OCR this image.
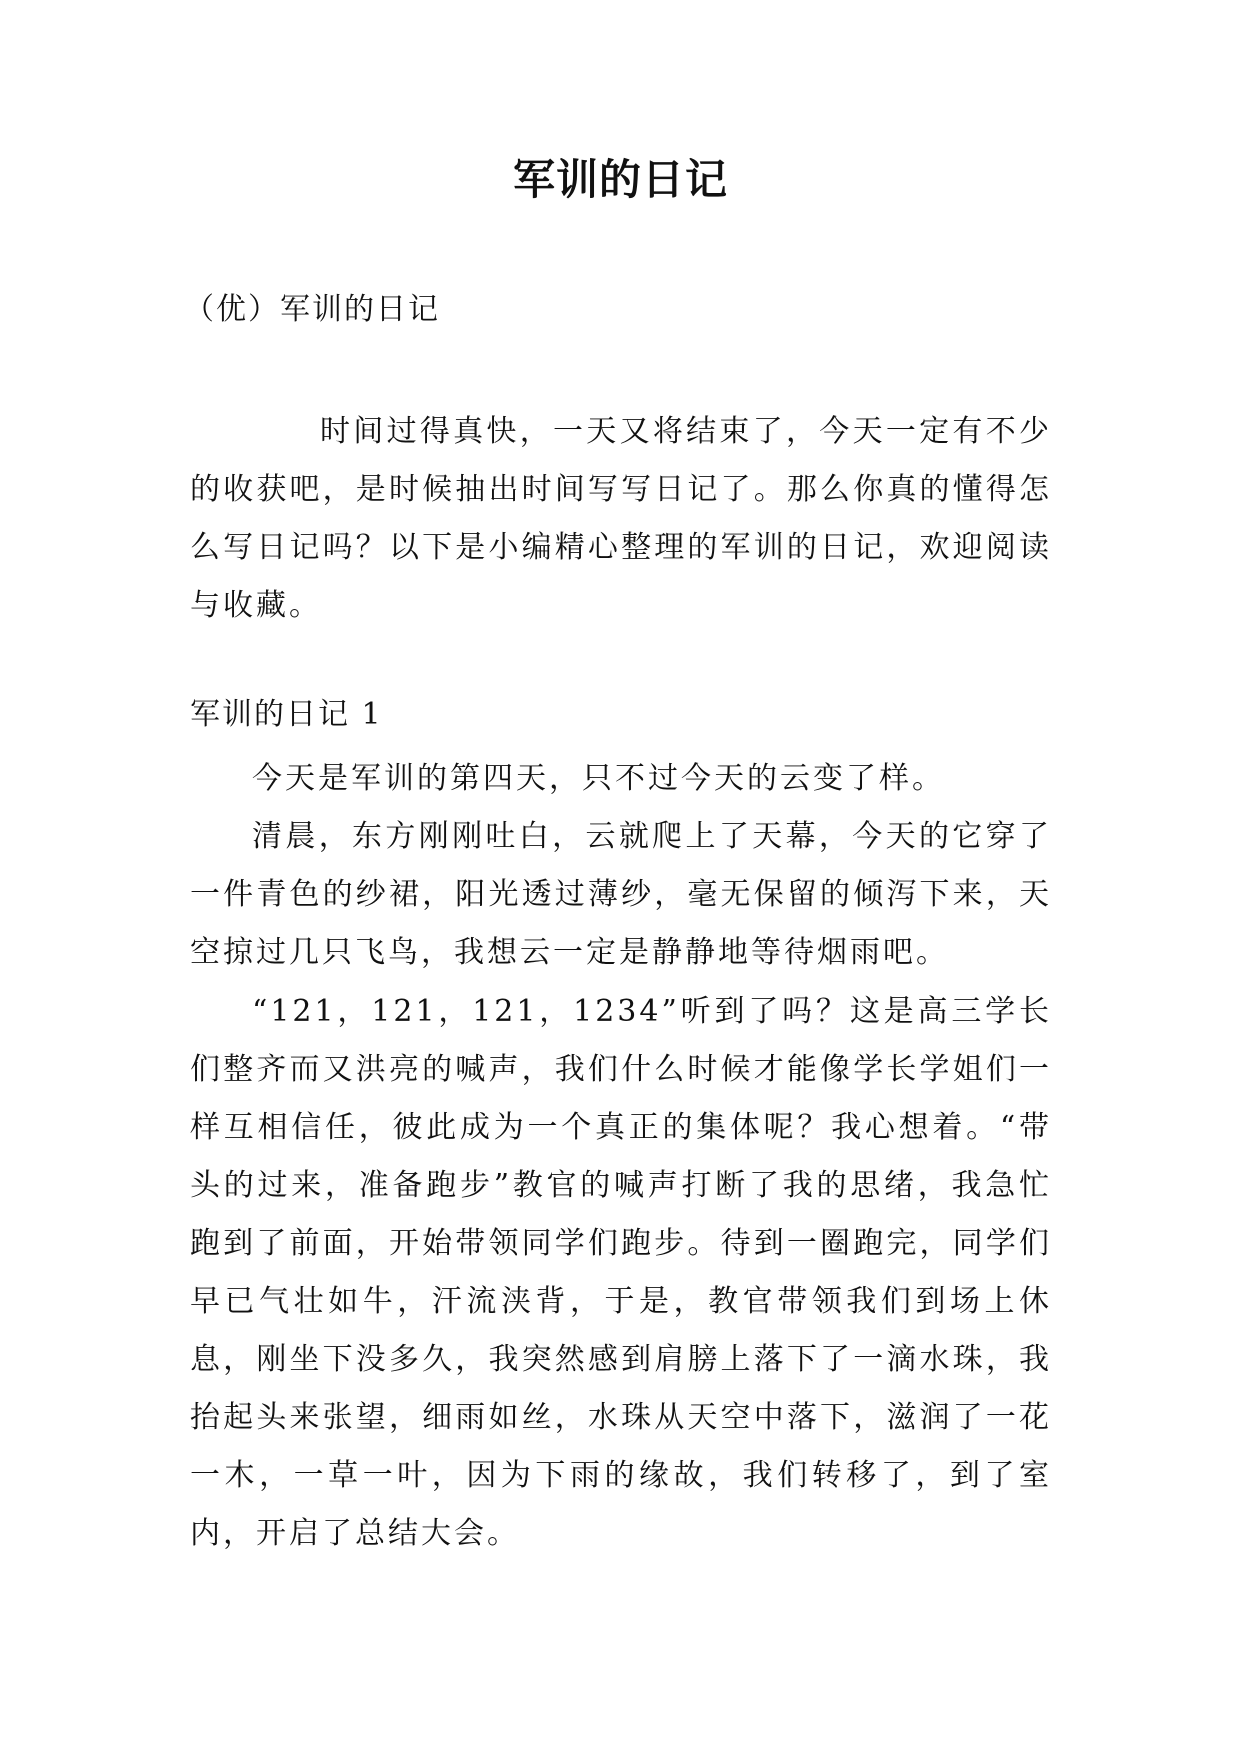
军训的日记
（优）军训的日记
时间过得真快，一天又将结束了，今天一定有不少的收获吧，是时候抽出时间写写日记了。那么你真的懂得怎么写日记吗？以下是小编精心整理的军训的日记，欢迎阅读与收藏。
军训的日记 1
今天是军训的第四天，只不过今天的云变了样。
清晨，东方刚刚吐白，云就爬上了天幕，今天的它穿了一件青色的纱裙，阳光透过薄纱，毫无保留的倾泻下来，天空掠过几只飞鸟，我想云一定是静静地等待烟雨吧。
“121，121，121，1234”听到了吗？这是高三学长们整齐而又洪亮的喊声，我们什么时候才能像学长学姐们一样互相信任，彼此成为一个真正的集体呢？我心想着。“带头的过来，准备跑步”教官的喊声打断了我的思绪，我急忙跑到了前面，开始带领同学们跑步。待到一圈跑完，同学们早已气壮如牛，汗流浃背，于是，教官带领我们到场上休息，刚坐下没多久，我突然感到肩膀上落下了一滴水珠，我抬起头来张望，细雨如丝，水珠从天空中落下，滋润了一花一木，一草一叶，因为下雨的缘故，我们转移了，到了室内，开启了总结大会。
